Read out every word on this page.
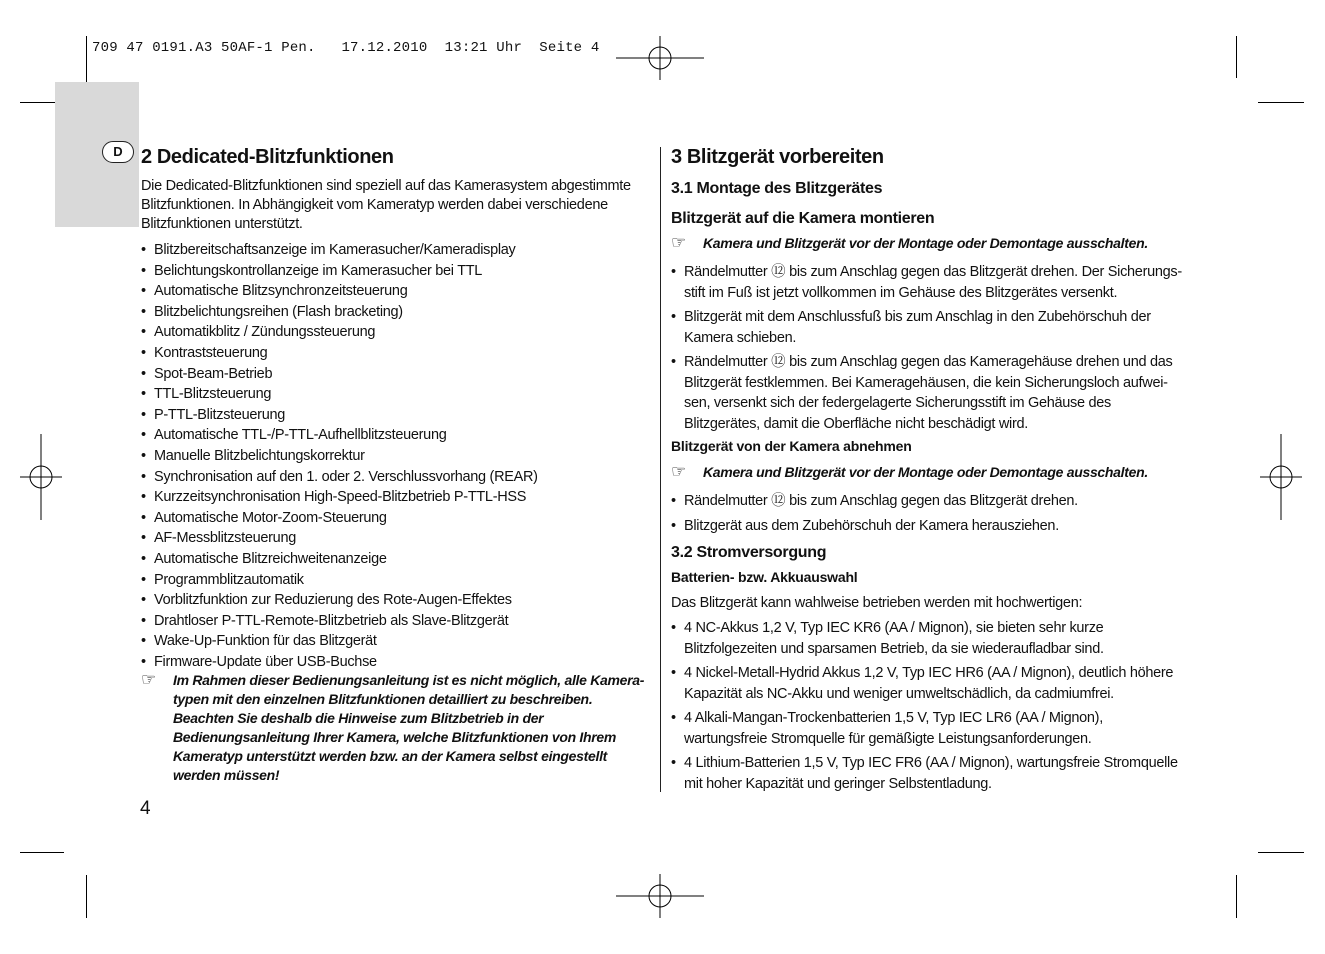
709 47 0191.A3 50AF-1 Pen.   17.12.2010  13:21 Uhr  Seite 4
D 2 Dedicated-Blitzfunktionen
Die Dedicated-Blitzfunktionen sind speziell auf das Kamerasystem abgestimmte Blitzfunktionen. In Abhängigkeit vom Kameratyp werden dabei verschiedene Blitzfunktionen unterstützt.
• Blitzbereitschaftsanzeige im Kamerasucher/Kameradisplay
• Belichtungskontrollanzeige im Kamerasucher bei TTL
• Automatische Blitzsynchronzeitsteuerung
• Blitzbelichtungsreihen (Flash bracketing)
• Automatikblitz / Zündungssteuerung
• Kontraststeuerung
• Spot-Beam-Betrieb
• TTL-Blitzsteuerung
• P-TTL-Blitzsteuerung
• Automatische TTL-/P-TTL-Aufhellblitzsteuerung
• Manuelle Blitzbelichtungskorrektur
• Synchronisation auf den 1. oder 2. Verschlussvorhang (REAR)
• Kurzzeitsynchronisation High-Speed-Blitzbetrieb P-TTL-HSS
• Automatische Motor-Zoom-Steuerung
• AF-Messblitzsteuerung
• Automatische Blitzreichweitenanzeige
• Programmblitzautomatik
• Vorblitzfunktion zur Reduzierung des Rote-Augen-Effektes
• Drahtloser P-TTL-Remote-Blitzbetrieb als Slave-Blitzgerät
• Wake-Up-Funktion für das Blitzgerät
• Firmware-Update über USB-Buchse
☞	Im Rahmen dieser Bedienungsanleitung ist es nicht möglich, alle Kamera-typen mit den einzelnen Blitzfunktionen detailliert zu beschreiben. Beachten Sie deshalb die Hinweise zum Blitzbetrieb in der Bedienungsanleitung Ihrer Kamera, welche Blitzfunktionen von Ihrem Kameratyp unterstützt werden bzw. an der Kamera selbst eingestellt werden müssen!
4
3 Blitzgerät vorbereiten
3.1 Montage des Blitzgerätes
Blitzgerät auf die Kamera montieren
☞	Kamera und Blitzgerät vor der Montage oder Demontage ausschalten.
• Rändelmutter ⑫ bis zum Anschlag gegen das Blitzgerät drehen. Der Sicherungs-stift im Fuß ist jetzt vollkommen im Gehäuse des Blitzgerätes versenkt.
• Blitzgerät mit dem Anschlussfuß bis zum Anschlag in den Zubehörschuh der Kamera schieben.
• Rändelmutter ⑫ bis zum Anschlag gegen das Kameragehäuse drehen und das Blitzgerät festklemmen. Bei Kameragehäusen, die kein Sicherungsloch aufwei-sen, versenkt sich der federgelagerte Sicherungsstift im Gehäuse des Blitzgerätes, damit die Oberfläche nicht beschädigt wird.
Blitzgerät von der Kamera abnehmen
☞	Kamera und Blitzgerät vor der Montage oder Demontage ausschalten.
• Rändelmutter ⑫ bis zum Anschlag gegen das Blitzgerät drehen.
• Blitzgerät aus dem Zubehörschuh der Kamera herausziehen.
3.2 Stromversorgung
Batterien- bzw. Akkuauswahl
Das Blitzgerät kann wahlweise betrieben werden mit hochwertigen:
• 4 NC-Akkus 1,2 V, Typ IEC KR6 (AA / Mignon), sie bieten sehr kurze Blitzfolgezeiten und sparsamen Betrieb, da sie wiederaufladbar sind.
• 4 Nickel-Metall-Hydrid Akkus 1,2 V, Typ IEC HR6 (AA / Mignon), deutlich höhere Kapazität als NC-Akku und weniger umweltschädlich, da cadmiumfrei.
• 4 Alkali-Mangan-Trockenbatterien 1,5 V, Typ IEC LR6 (AA / Mignon), wartungsfreie Stromquelle für gemäßigte Leistungsanforderungen.
• 4 Lithium-Batterien 1,5 V, Typ IEC FR6 (AA / Mignon), wartungsfreie Stromquelle mit hoher Kapazität und geringer Selbstentladung.
